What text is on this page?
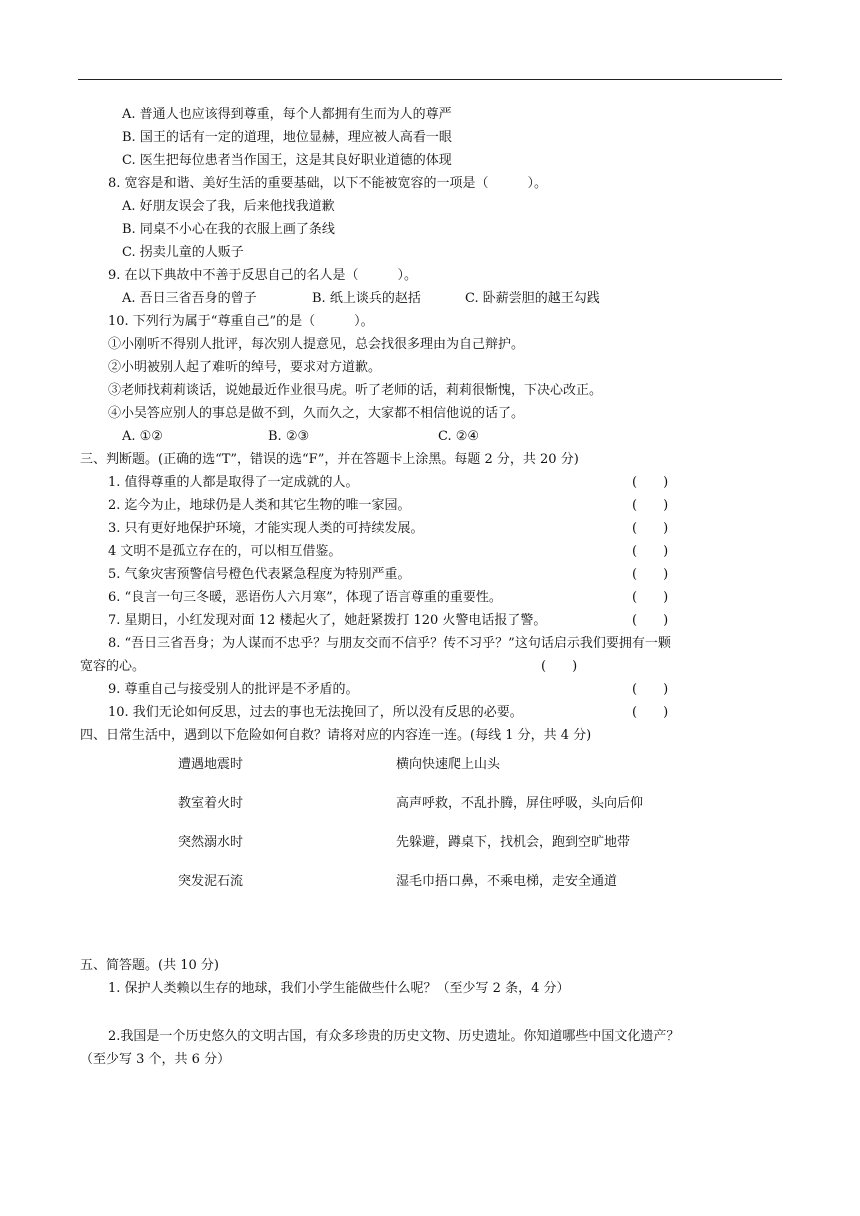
A. 普通人也应该得到尊重，每个人都拥有生而为人的尊严
B. 国王的话有一定的道理，地位显赫，理应被人高看一眼
C. 医生把每位患者当作国王，这是其良好职业道德的体现
8. 宽容是和谐、美好生活的重要基础，以下不能被宽容的一项是（　　　）。
A. 好朋友误会了我，后来他找我道歉
B. 同桌不小心在我的衣服上画了条线
C. 拐卖儿童的人贩子
9. 在以下典故中不善于反思自己的名人是（　　　）。
A. 吾日三省吾身的曾子	B. 纸上谈兵的赵括	C. 卧薪尝胆的越王勾践
10. 下列行为属于“尊重自己”的是（　　　）。
①小刚听不得别人批评，每次别人提意见，总会找很多理由为自己辩护。
②小明被别人起了难听的绰号，要求对方道歉。
③老师找莉莉谈话，说她最近作业很马虎。听了老师的话，莉莉很惭愧，下决心改正。
④小吴答应别人的事总是做不到，久而久之，大家都不相信他说的话了。
A. ①②	B. ②③	C. ②④
三、判断题。(正确的选“T”，错误的选“F”，并在答题卡上涂黑。每题 2 分，共 20 分)
1. 值得尊重的人都是取得了一定成就的人。	(　　)
2. 迄今为止，地球仍是人类和其它生物的唯一家园。	(　　)
3. 只有更好地保护环境，才能实现人类的可持续发展。	(　　)
4 文明不是孤立存在的，可以相互借鉴。	(　　)
5. 气象灾害预警信号橙色代表紧急程度为特别严重。	(　　)
6. “良言一句三冬暖，恶语伤人六月寒”，体现了语言尊重的重要性。	(　　)
7. 星期日，小红发现对面 12 楼起火了，她赶紧拨打 120 火警电话报了警。	(　　)
8. “吾日三省吾身；为人谋而不忠乎？与朋友交而不信乎？传不习乎？”这句话启示我们要拥有一颗
宽容的心。	(　　)
9. 尊重自己与接受别人的批评是不矛盾的。	(　　)
10. 我们无论如何反思，过去的事也无法挽回了，所以没有反思的必要。	(　　)
四、日常生活中，遇到以下危险如何自救？请将对应的内容连一连。(每线 1 分，共 4 分)
遭遇地震时	横向快速爬上山头
教室着火时	高声呼救，不乱扑腾，屏住呼吸，头向后仰
突然溺水时	先躲避，蹲桌下，找机会，跑到空旷地带
突发泥石流	湿毛巾捂口鼻，不乘电梯，走安全通道
五、简答题。(共 10 分)
1. 保护人类赖以生存的地球，我们小学生能做些什么呢？（至少写 2 条，4 分）
2.我国是一个历史悠久的文明古国，有众多珍贵的历史文物、历史遗址。你知道哪些中国文化遗产？
（至少写 3 个，共 6 分）
